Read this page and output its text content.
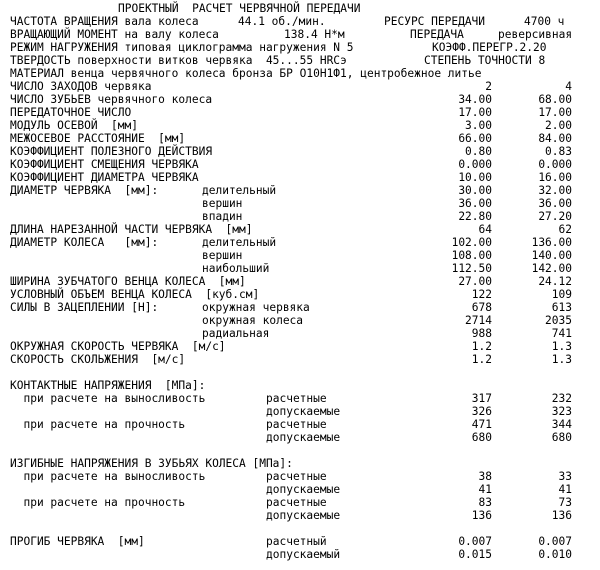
ПРОЕКТНЫЙ  РАСЧЕТ ЧЕРВЯЧНОЙ ПЕРЕДАЧИ

ЧАСТОТА ВРАЩЕНИЯ вала колеса

	44.1 об./мин.

	РЕСУРС ПЕРЕДАЧИ

	4700 ч

ВРАЩАЮЩИЙ МОМЕНТ на валу колеса

	138.4 Н*м

	ПЕРЕДАЧА

	реверсивная

РЕЖИМ НАГРУЖЕНИЯ типовая циклограмма нагружения N 5

	КОЭФФ.ПЕРЕГР.2.20

ТВЕРДОСТЬ поверхности витков червяка  45...55 HRCэ

	СТЕПЕНЬ ТОЧНОСТИ 8

МАТЕРИАЛ венца червячного колеса бронза БР О10Н1Ф1, центробежное литье

ЧИСЛО ЗАХОДОВ червяка	2	4
ЧИСЛО ЗУБЬЕВ червячного колеса	34.00	68.00
ПЕРЕДАТОЧНОЕ ЧИСЛО	17.00	17.00
МОДУЛЬ ОСЕВОЙ  [мм]	3.00	2.00
МЕЖОСЕВОЕ РАССТОЯНИЕ  [мм]	66.00	84.00
КОЭФФИЦИЕНТ ПОЛЕЗНОГО ДЕЙСТВИЯ	0.80	0.83
КОЭФФИЦИЕНТ СМЕЩЕНИЯ ЧЕРВЯКА	0.000	0.000
КОЭФФИЦИЕНТ ДИАМЕТРА ЧЕРВЯКА	10.00	16.00
ДИАМЕТР ЧЕРВЯКА  [мм]:	делительный	30.00	32.00
вершин	36.00	36.00
впадин	22.80	27.20
ДЛИНА НАРЕЗАННОЙ ЧАСТИ ЧЕРВЯКА  [мм]	64	62
ДИАМЕТР КОЛЕСА   [мм]:	делительный	102.00	136.00
вершин	108.00	140.00
наибольший	112.50	142.00
ШИРИНА ЗУБЧАТОГО ВЕНЦА КОЛЕСА  [мм]	27.00	24.12
УСЛОВНЫЙ ОБЪЕМ ВЕНЦА КОЛЕСА  [куб.см]	122	109
СИЛЫ В ЗАЦЕПЛЕНИИ [Н]:	окружная червяка	678	613
окружная колеса	2714	2035
радиальная	988	741
ОКРУЖНАЯ СКОРОСТЬ ЧЕРВЯКА  [м/с]	1.2	1.3
СКОРОСТЬ СКОЛЬЖЕНИЯ  [м/с]	1.2	1.3
КОНТАКТНЫЕ НАПРЯЖЕНИЯ  [МПа]:
при расчете на выносливость	расчетные	317	232
допускаемые	326	323
при расчете на прочность	расчетные	471	344
допускаемые	680	680
ИЗГИБНЫЕ НАПРЯЖЕНИЯ В ЗУБЬЯХ КОЛЕСА [МПа]:
при расчете на выносливость	расчетные	38	33
допускаемые	41	41
при расчете на прочность	расчетные	83	73
допускаемые	136	136
ПРОГИБ ЧЕРВЯКА  [мм]	расчетный	0.007	0.007
допускаемый	0.015	0.010
